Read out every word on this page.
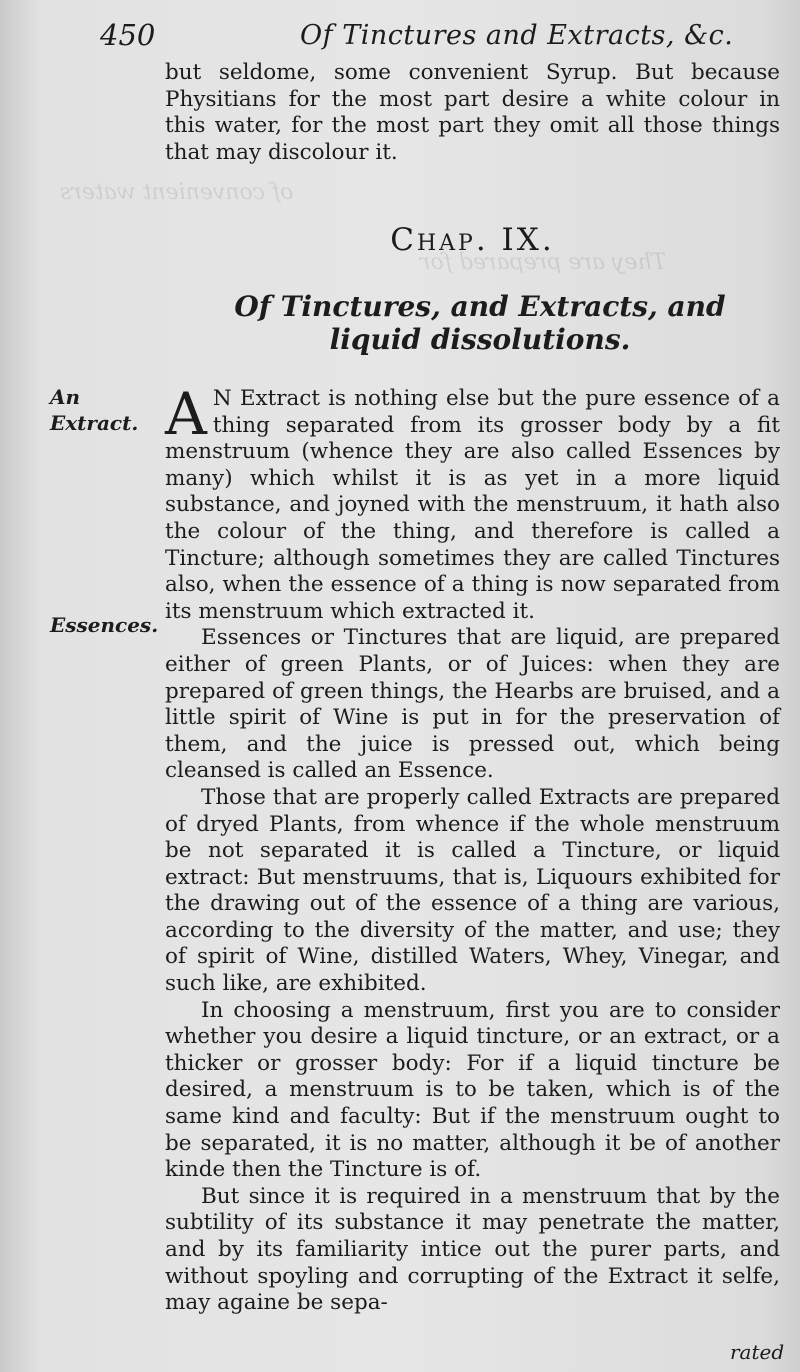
of convenient waters
They are prepared for
450	Of Tinctures and Extracts, &c.

but seldome, some convenient Syrup. But because Physitians for the most part desire a white colour in this water, for the most part they omit all those things that may discolour it.

Chap. IX.
Of Tinctures, and Extracts, and liquid dissolutions.
An Extract.
Essences.

A N Extract is nothing else but the pure essence of a thing separated from its grosser body by a fit menstruum (whence they are also called Essences by many) which whilst it is as yet in a more liquid substance, and joyned with the menstruum, it hath also the colour of the thing, and therefore is called a Tincture; although sometimes they are called Tinctures also, when the essence of a thing is now separated from its menstruum which extracted it.

Essences or Tinctures that are liquid, are prepared either of green Plants, or of Juices: when they are prepared of green things, the Hearbs are bruised, and a little spirit of Wine is put in for the preservation of them, and the juice is pressed out, which being cleansed is called an Essence.

Those that are properly called Extracts are prepared of dryed Plants, from whence if the whole menstruum be not separated it is called a Tincture, or liquid extract: But menstruums, that is, Liquours exhibited for the drawing out of the essence of a thing are various, according to the diversity of the matter, and use; they of spirit of Wine, distilled Waters, Whey, Vinegar, and such like, are exhibited.

In choosing a menstruum, first you are to consider whether you desire a liquid tincture, or an extract, or a thicker or grosser body: For if a liquid tincture be desired, a menstruum is to be taken, which is of the same kind and faculty: But if the menstruum ought to be separated, it is no matter, although it be of another kinde then the Tincture is of.

But since it is required in a menstruum that by the subtility of its substance it may penetrate the matter, and by its familiarity intice out the purer parts, and without spoyling and corrupting of the Extract it selfe, may againe be sepa-

rated
